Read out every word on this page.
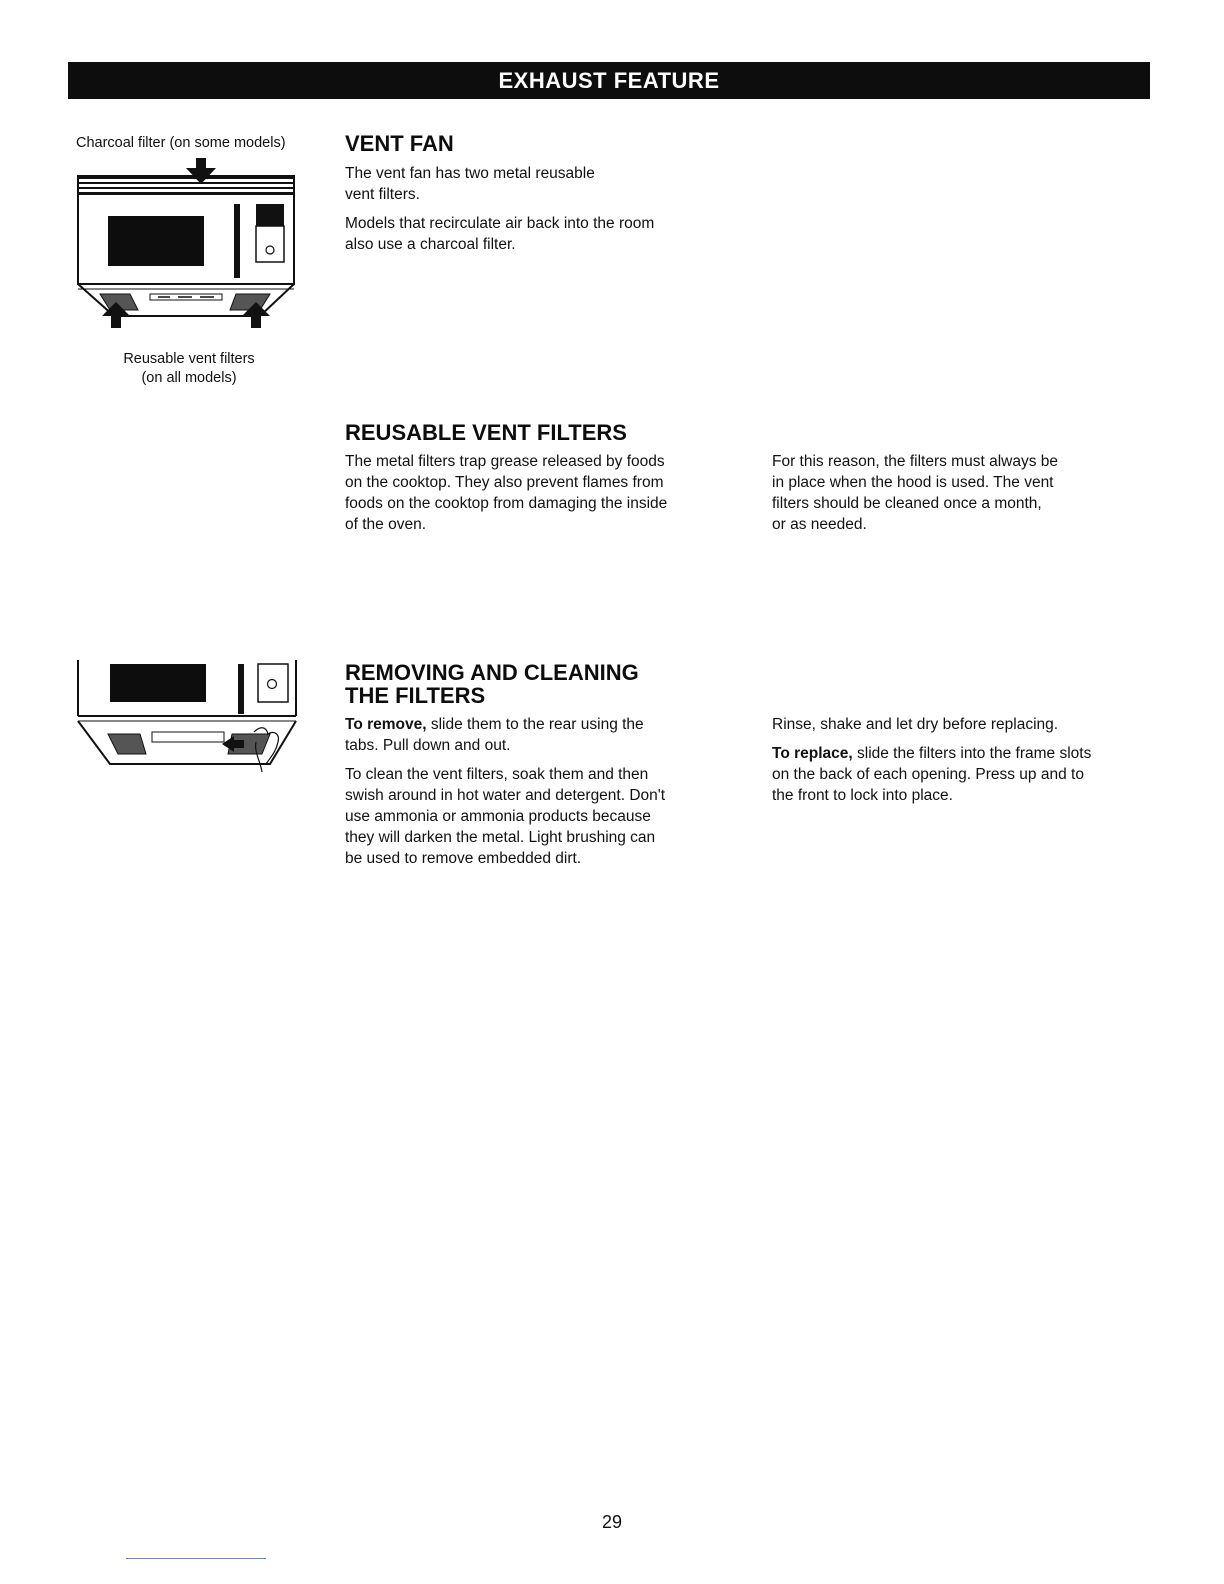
EXHAUST FEATURE
Charcoal filter (on some models)
Reusable vent filters
(on all models)
VENT FAN

The vent fan has two metal reusable
vent filters.

Models that recirculate air back into the room
also use a charcoal filter.

REUSABLE VENT FILTERS
The metal filters trap grease released by foods
on the cooktop. They also prevent flames from
foods on the cooktop from damaging the inside
of the oven.
For this reason, the filters must always be
in place when the hood is used. The vent
filters should be cleaned once a month,
or as needed.
REMOVING AND CLEANING
THE FILTERS

To remove, slide them to the rear using the
tabs. Pull down and out.

To clean the vent filters, soak them and then
swish around in hot water and detergent. Don't
use ammonia or ammonia products because
they will darken the metal. Light brushing can
be used to remove embedded dirt.

Rinse, shake and let dry before replacing.

To replace, slide the filters into the frame slots
on the back of each opening. Press up and to
the front to lock into place.

29
